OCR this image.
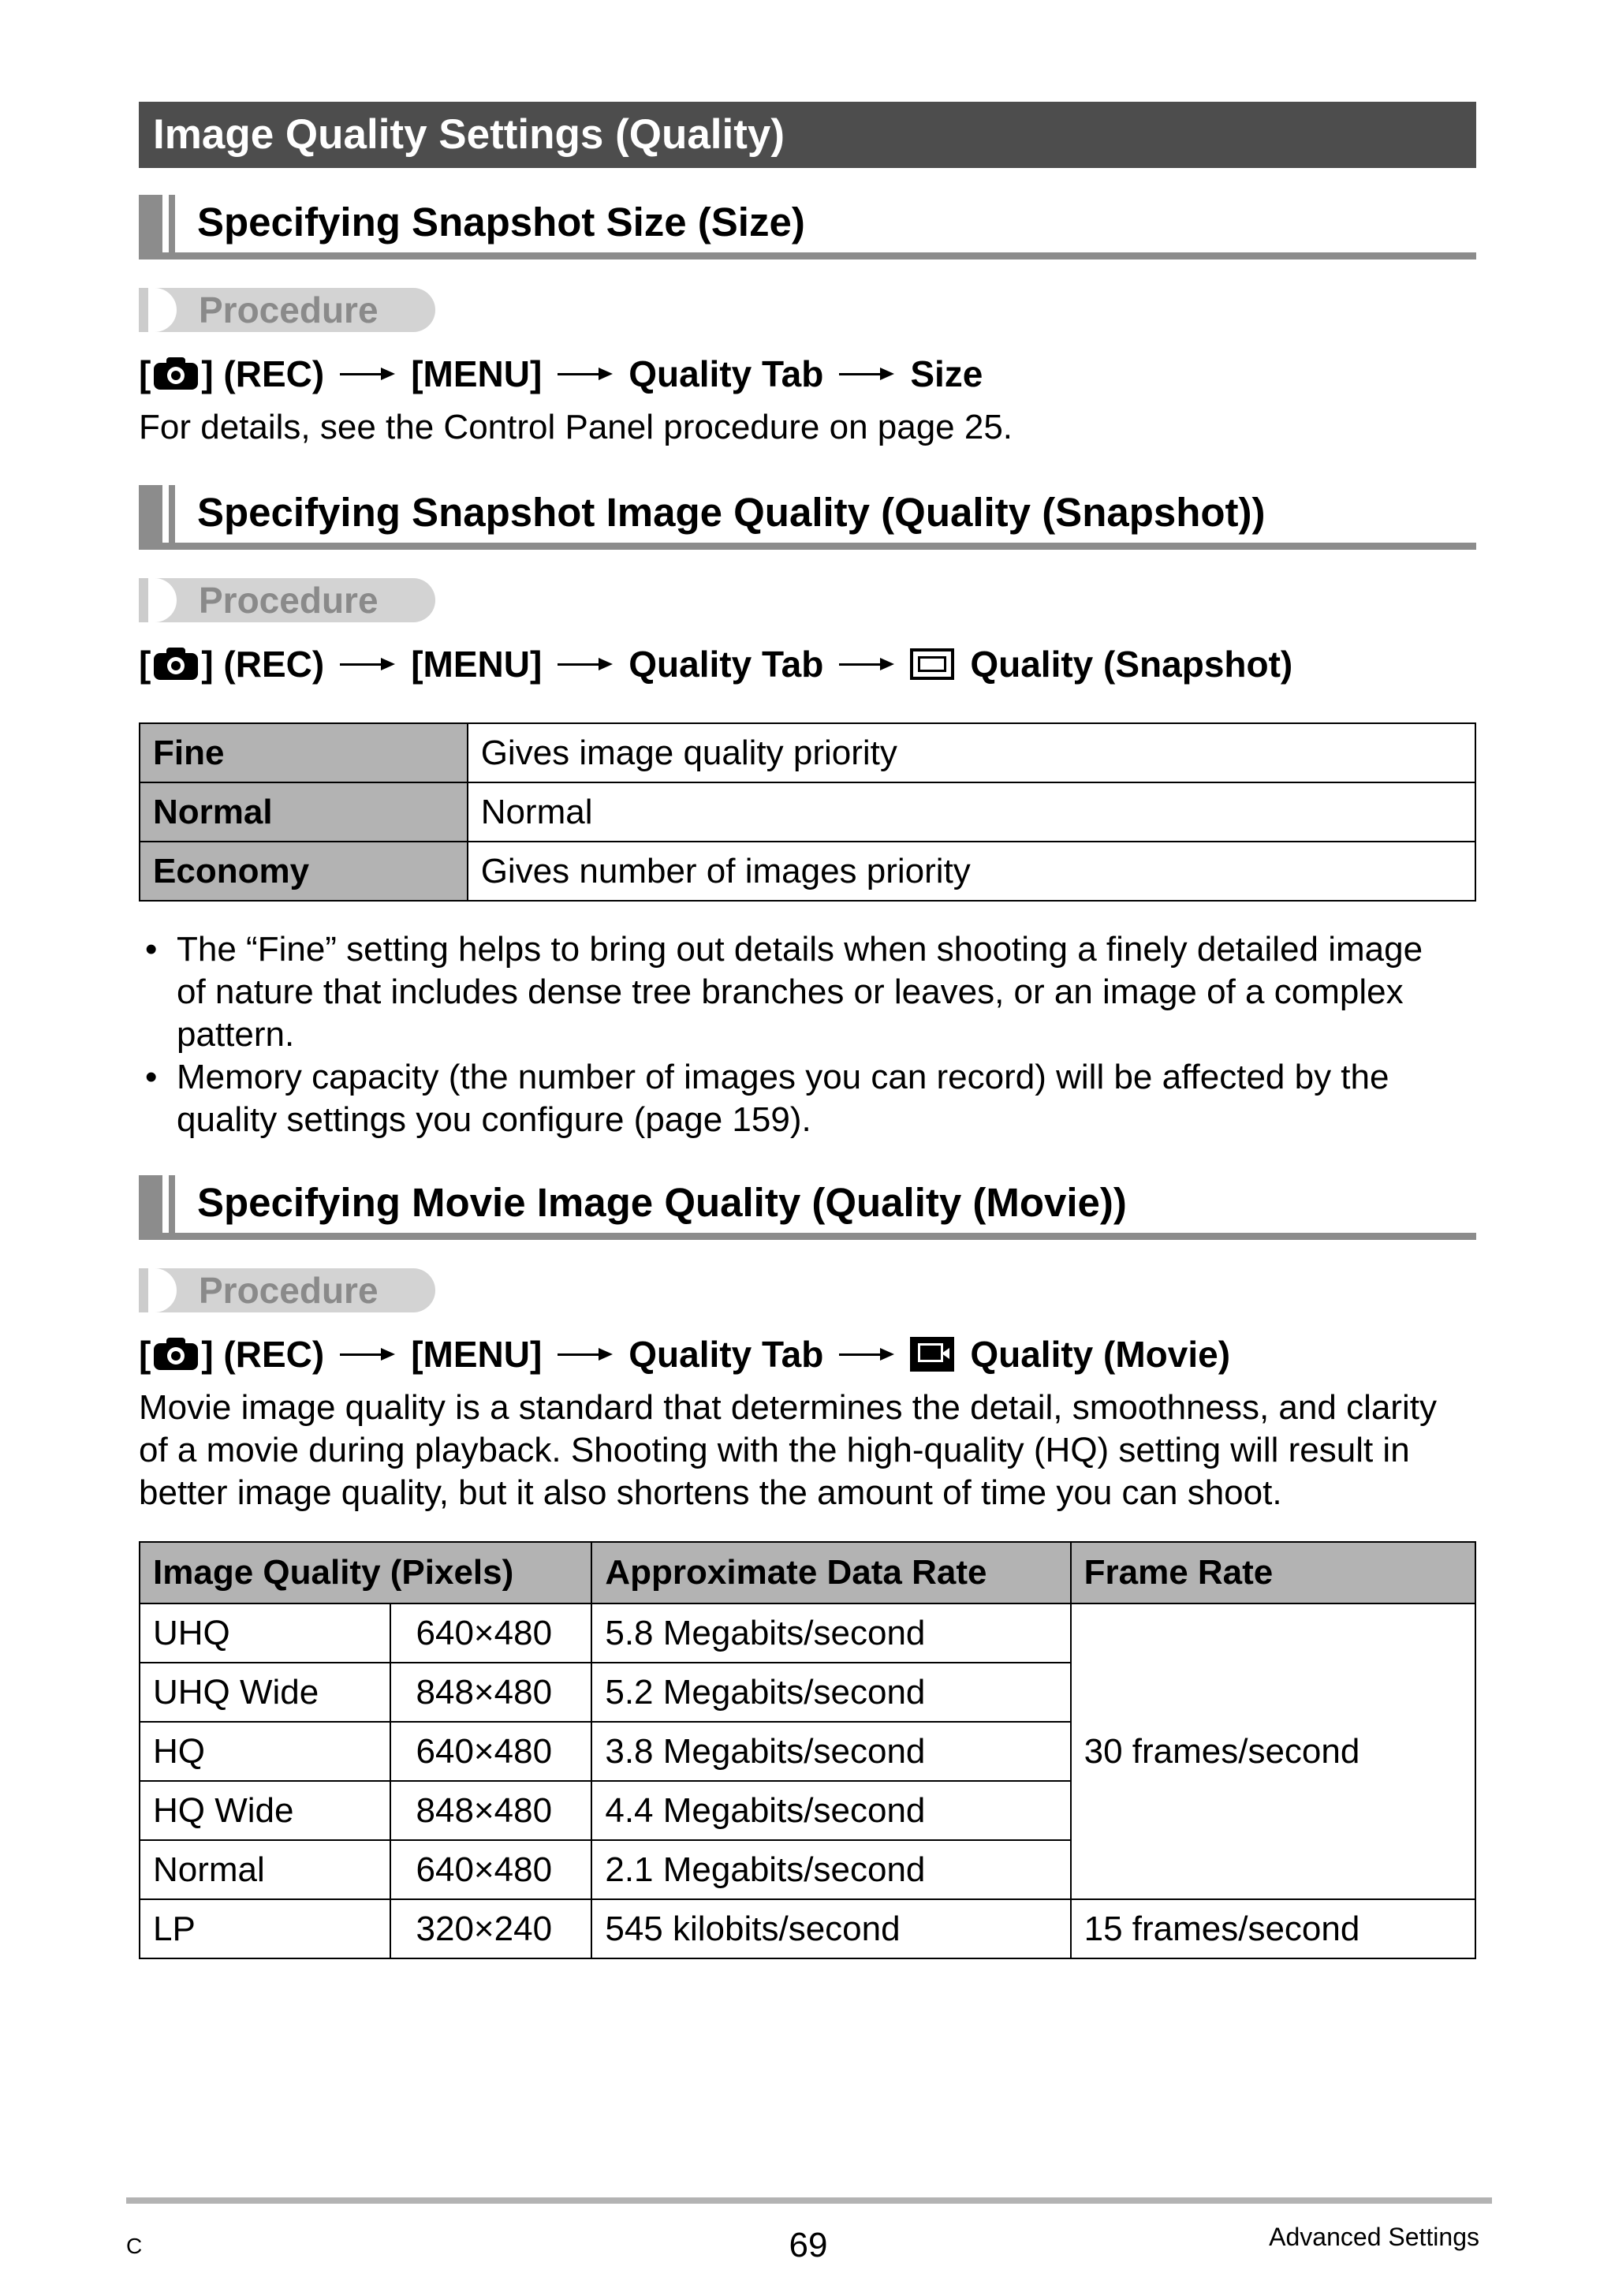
Image Quality Settings (Quality)
Specifying Snapshot Size (Size)
Procedure
[ ] (REC) [MENU] Quality Tab Size
For details, see the Control Panel procedure on page 25.
Specifying Snapshot Image Quality (Quality (Snapshot))
Procedure
[ ] (REC) [MENU] Quality Tab	Quality (Snapshot)
Fine	Gives image quality priority
Normal	Normal
Economy	Gives number of images priority
• The “Fine” setting helps to bring out details when shooting a finely detailed image
of nature that includes dense tree branches or leaves, or an image of a complex
pattern.
• Memory capacity (the number of images you can record) will be affected by the
quality settings you configure (page 159).
Specifying Movie Image Quality (Quality (Movie))
Procedure
[ ] (REC) [MENU] Quality Tab	Quality (Movie)
Movie image quality is a standard that determines the detail, smoothness, and clarity
of a movie during playback. Shooting with the high-quality (HQ) setting will result in
better image quality, but it also shortens the amount of time you can shoot.
Image Quality (Pixels)		Approximate Data Rate	Frame Rate
UHQ	640×480	5.8 Megabits/second	30 frames/second
UHQ Wide	848×480	5.2 Megabits/second	
HQ	640×480	3.8 Megabits/second	
HQ Wide	848×480	4.4 Megabits/second	
Normal	640×480	2.1 Megabits/second	
LP	320×240	545 kilobits/second	15 frames/second
C	69	Advanced Settings
